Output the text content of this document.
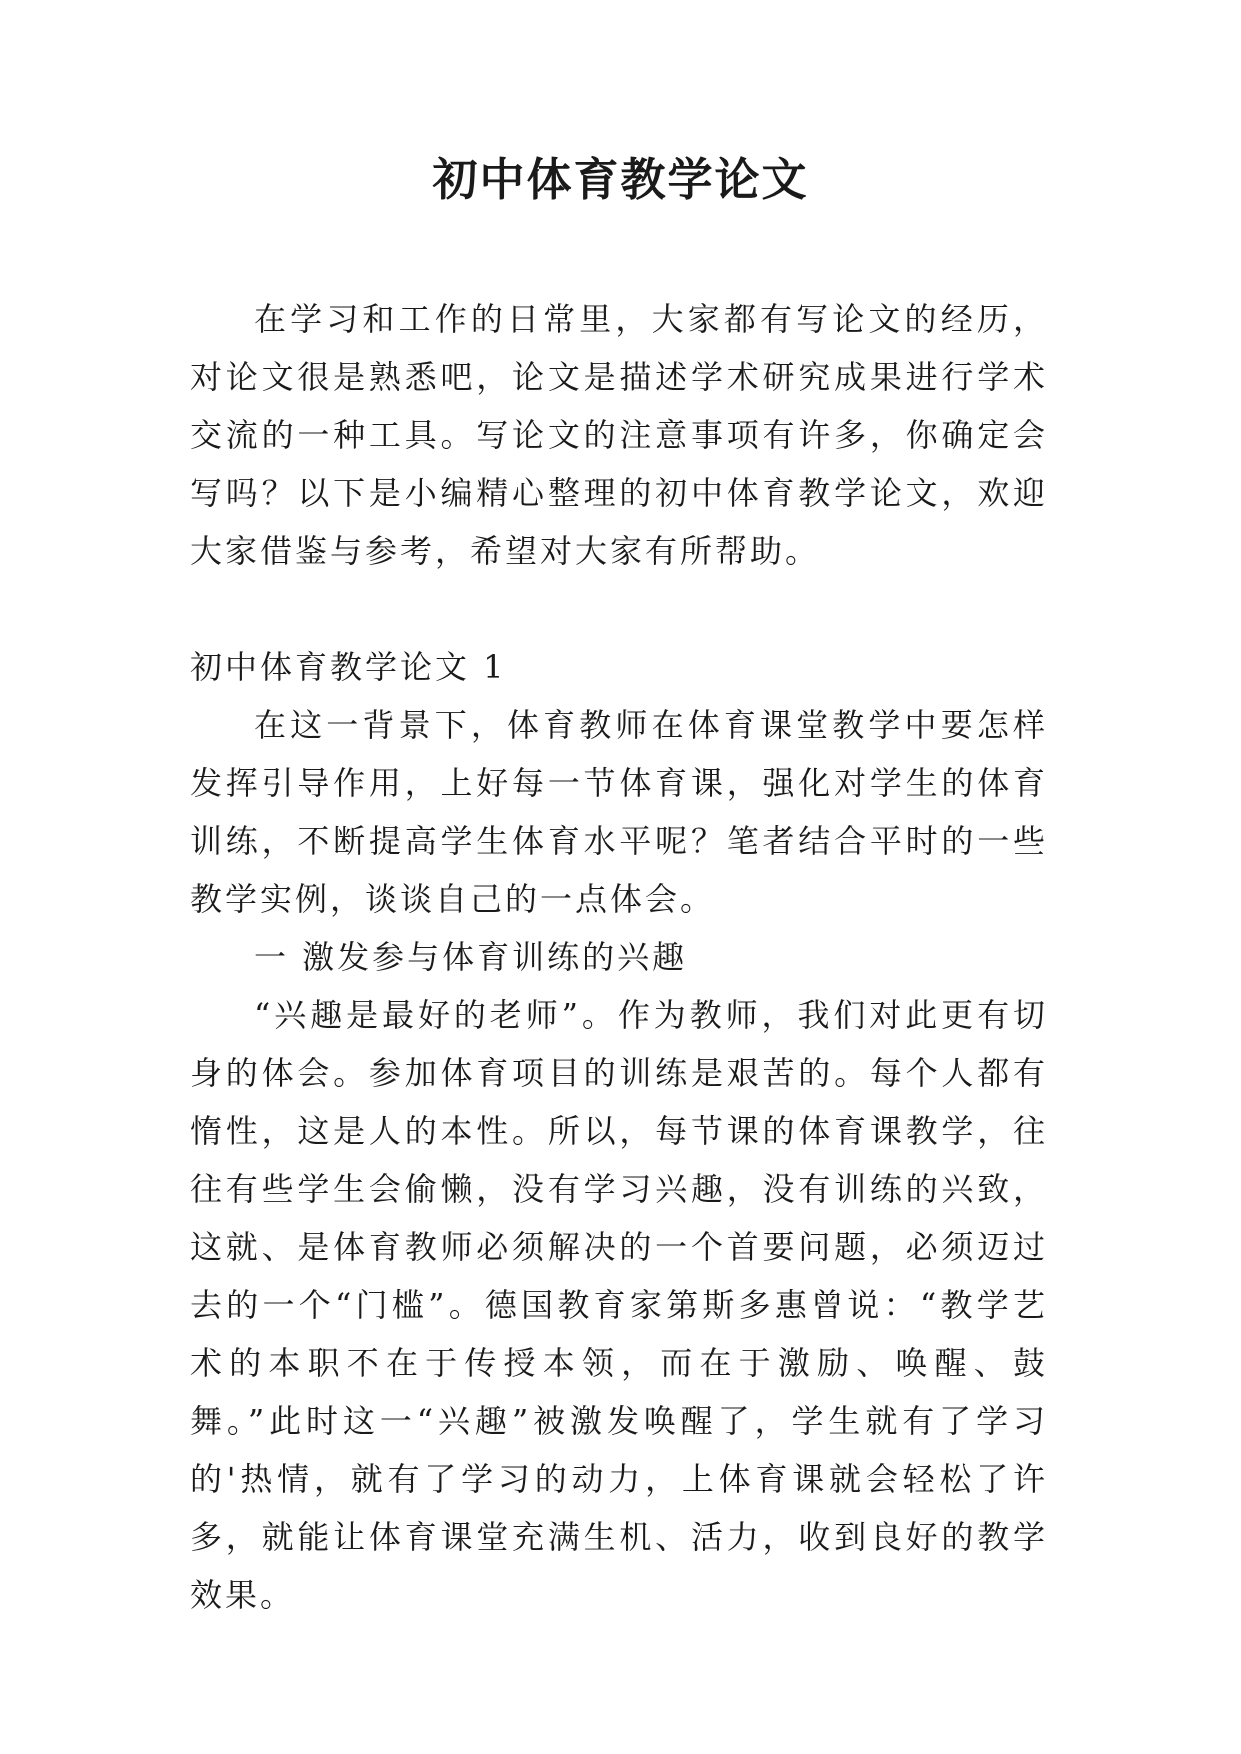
初中体育教学论文

在学习和工作的日常里，大家都有写论文的经历，对论文很是熟悉吧，论文是描述学术研究成果进行学术交流的一种工具。写论文的注意事项有许多，你确定会写吗？以下是小编精心整理的初中体育教学论文，欢迎大家借鉴与参考，希望对大家有所帮助。

初中体育教学论文 1

在这一背景下，体育教师在体育课堂教学中要怎样发挥引导作用，上好每一节体育课，强化对学生的体育训练，不断提高学生体育水平呢？笔者结合平时的一些教学实例，谈谈自己的一点体会。

一 激发参与体育训练的兴趣

“兴趣是最好的老师”。作为教师，我们对此更有切身的体会。参加体育项目的训练是艰苦的。每个人都有惰性，这是人的本性。所以，每节课的体育课教学，往往有些学生会偷懒，没有学习兴趣，没有训练的兴致，这就、是体育教师必须解决的一个首要问题，必须迈过去的一个“门槛”。德国教育家第斯多惠曾说：“教学艺术的本职不在于传授本领，而在于激励、唤醒、鼓舞。”此时这一“兴趣”被激发唤醒了，学生就有了学习的'热情，就有了学习的动力，上体育课就会轻松了许多，就能让体育课堂充满生机、活力，收到良好的教学效果。
